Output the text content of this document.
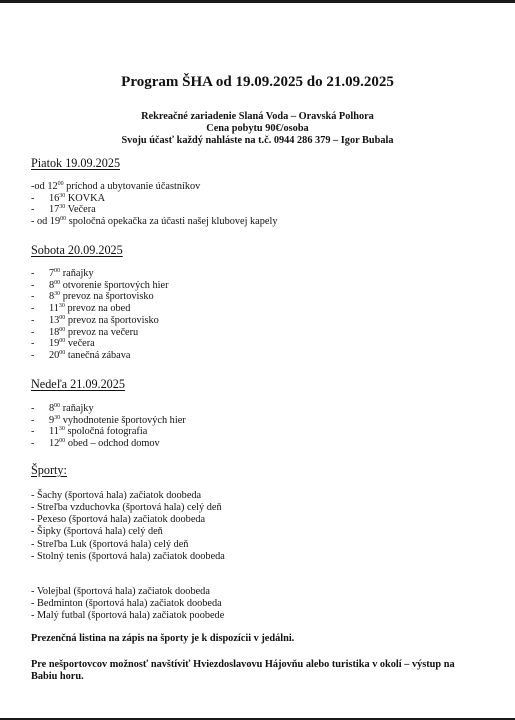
Program ŠHA od 19.09.2025 do 21.09.2025
Rekreačné zariadenie Slaná Voda – Oravská Polhora
Cena pobytu 90€/osoba
Svoju účasť každý nahláste na t.č. 0944 286 379 – Igor Bubala
Piatok 19.09.2025
-od $12^{00}$ príchod a ubytovanie účastníkov
- $16^{30}$ KOVKA
- $17^{30}$ Večera
- od $19^{00}$ spoločná opekačka za účasti našej klubovej kapely
Sobota 20.09.2025
- $7^{00}$ raňajky
- $8^{00}$ otvorenie športových hier
- $8^{30}$ prevoz na športovisko
- $11^{30}$ prevoz na obed
- $13^{00}$ prevoz na športovisko
- $18^{00}$ prevoz na večeru
- $19^{00}$ večera
- $20^{00}$ tanečná zábava
Nedeľa 21.09.2025
- $8^{00}$ raňajky
- $9^{30}$ vyhodnotenie športových hier
- $11^{30}$ spoločná fotografia
- $12^{00}$ obed – odchod domov
Športy:
- Šachy (športová hala) začiatok doobeda
- Streľba vzduchovka (športová hala) celý deň
- Pexeso (športová hala) začiatok doobeda
- Šipky (športová hala) celý deň
- Streľba Luk (športová hala) celý deň
- Stolný tenis (športová hala) začiatok doobeda
- Volejbal (športová hala) začiatok doobeda
- Bedminton (športová hala) začiatok doobeda
- Malý futbal (športová hala) začiatok poobede
Prezenčná listina na zápis na športy je k dispozícii v jedálni.
Pre nešportovcov možnosť navštíviť Hviezdoslavovu Hájovňu alebo turistika v okolí – výstup na Babiu horu.
